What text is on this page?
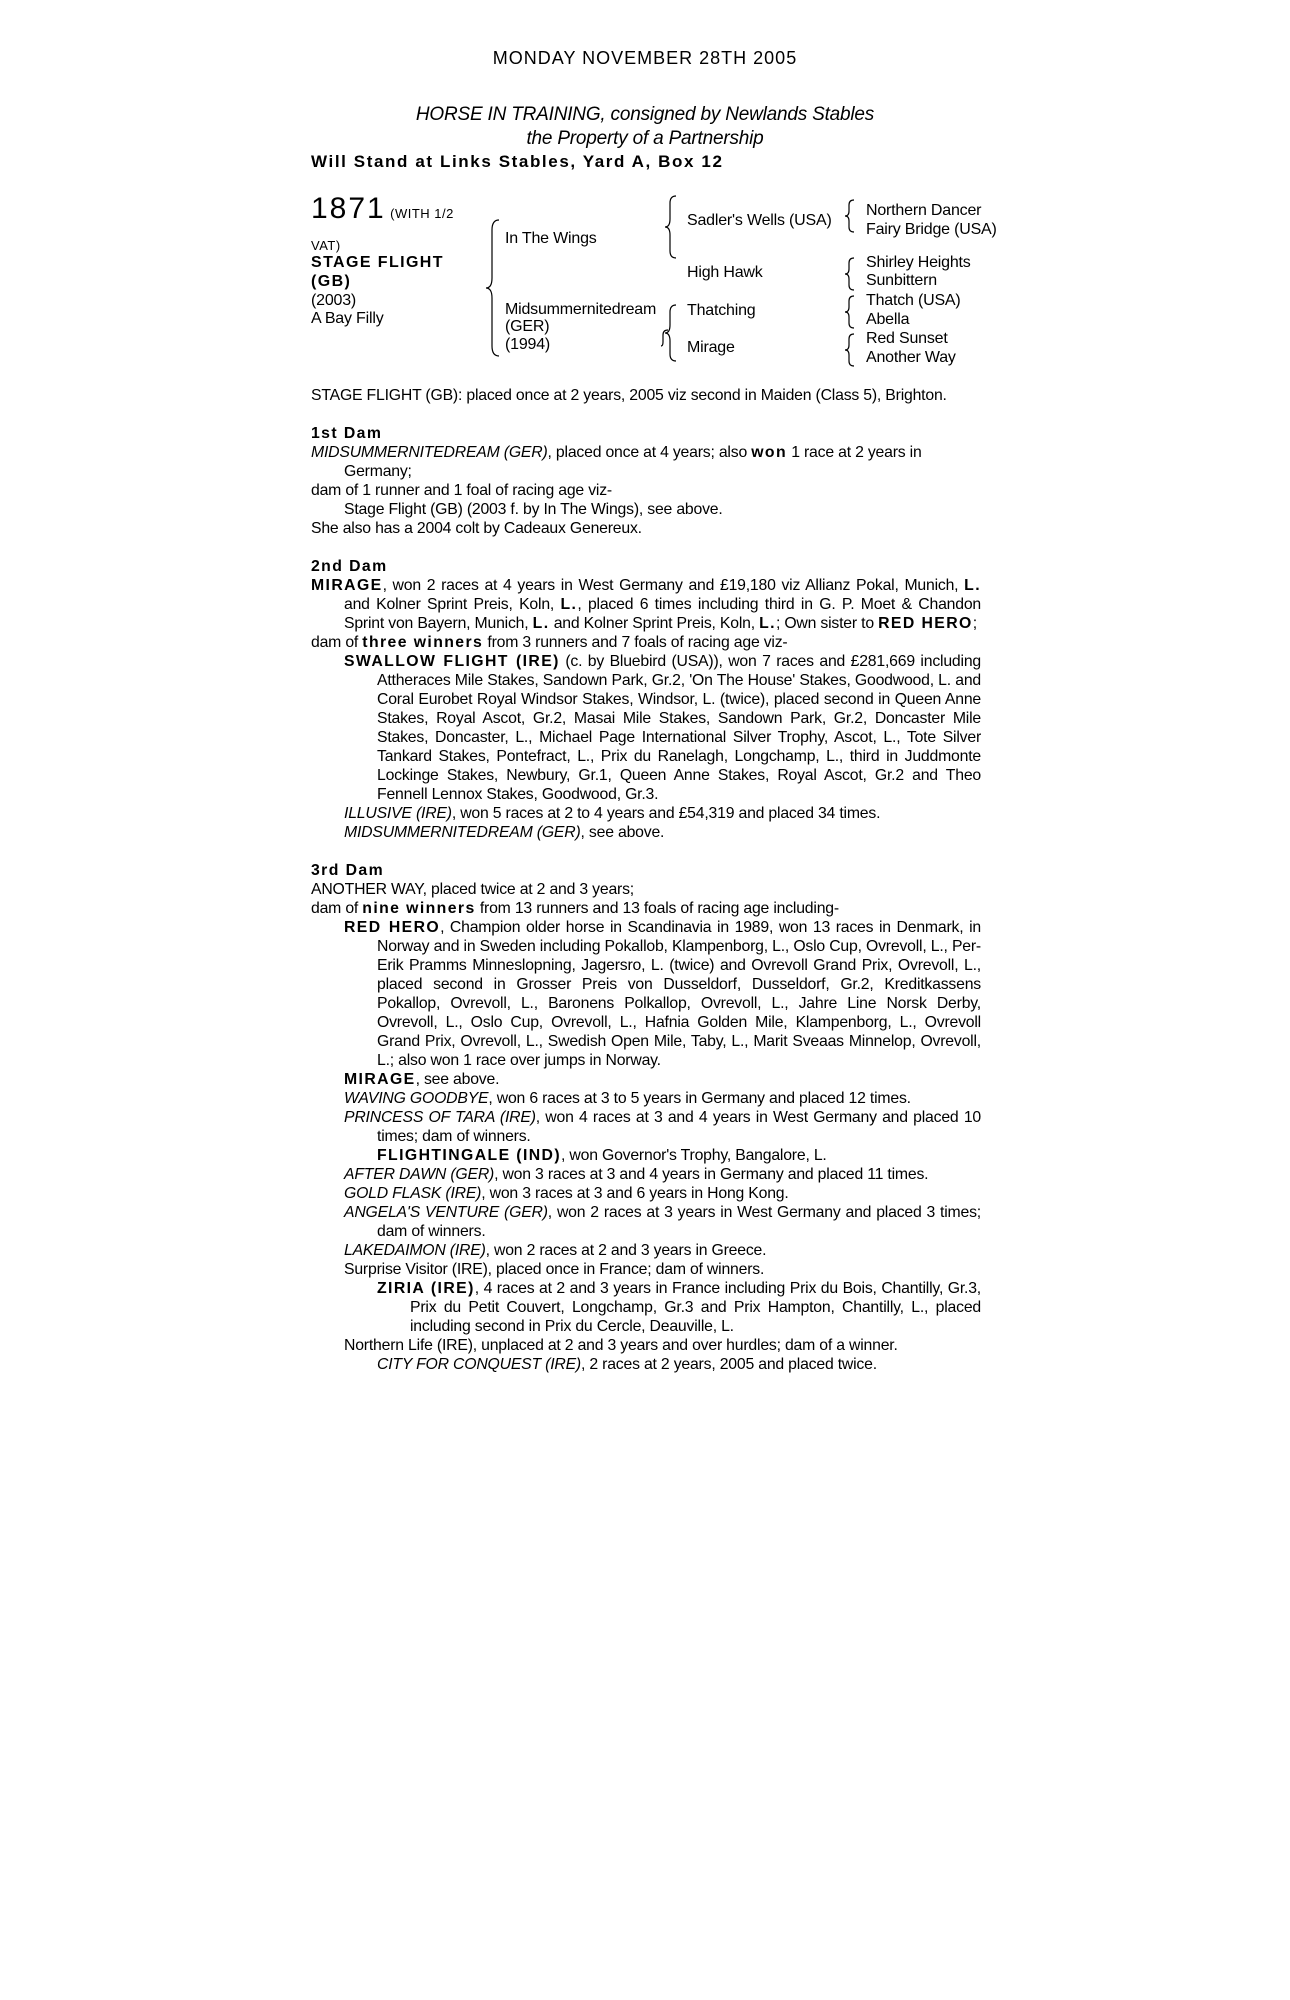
MONDAY NOVEMBER 28TH 2005
HORSE IN TRAINING, consigned by Newlands Stables
the Property of a Partnership
Will Stand at Links Stables, Yard A, Box 12
1871 (WITH 1/2
VAT)
STAGE FLIGHT
(GB)
(2003)
A Bay Filly
In The Wings
Midsummernitedream
(GER)
(1994)
Sadler's Wells (USA)
High Hawk
Thatching
Mirage
Northern Dancer
Fairy Bridge (USA)
Shirley Heights
Sunbittern
Thatch (USA)
Abella
Red Sunset
Another Way

STAGE FLIGHT (GB): placed once at 2 years, 2005 viz second in Maiden (Class 5), Brighton.

1st Dam

MIDSUMMERNITEDREAM (GER), placed once at 4 years; also won 1 race at 2 years in Germany;

dam of 1 runner and 1 foal of racing age viz-

Stage Flight (GB) (2003 f. by In The Wings), see above.

She also has a 2004 colt by Cadeaux Genereux.

2nd Dam

MIRAGE, won 2 races at 4 years in West Germany and £19,180 viz Allianz Pokal, Munich, L. and Kolner Sprint Preis, Koln, L., placed 6 times including third in G. P. Moet & Chandon Sprint von Bayern, Munich, L. and Kolner Sprint Preis, Koln, L.; Own sister to RED HERO;

dam of three winners from 3 runners and 7 foals of racing age viz-

SWALLOW FLIGHT (IRE) (c. by Bluebird (USA)), won 7 races and £281,669 including Attheraces Mile Stakes, Sandown Park, Gr.2, 'On The House' Stakes, Goodwood, L. and Coral Eurobet Royal Windsor Stakes, Windsor, L. (twice), placed second in Queen Anne Stakes, Royal Ascot, Gr.2, Masai Mile Stakes, Sandown Park, Gr.2, Doncaster Mile Stakes, Doncaster, L., Michael Page International Silver Trophy, Ascot, L., Tote Silver Tankard Stakes, Pontefract, L., Prix du Ranelagh, Longchamp, L., third in Juddmonte Lockinge Stakes, Newbury, Gr.1, Queen Anne Stakes, Royal Ascot, Gr.2 and Theo Fennell Lennox Stakes, Goodwood, Gr.3.

ILLUSIVE (IRE), won 5 races at 2 to 4 years and £54,319 and placed 34 times.

MIDSUMMERNITEDREAM (GER), see above.

3rd Dam

ANOTHER WAY, placed twice at 2 and 3 years;

dam of nine winners from 13 runners and 13 foals of racing age including-

RED HERO, Champion older horse in Scandinavia in 1989, won 13 races in Denmark, in Norway and in Sweden including Pokallob, Klampenborg, L., Oslo Cup, Ovrevoll, L., Per-Erik Pramms Minneslopning, Jagersro, L. (twice) and Ovrevoll Grand Prix, Ovrevoll, L., placed second in Grosser Preis von Dusseldorf, Dusseldorf, Gr.2, Kreditkassens Pokallop, Ovrevoll, L., Baronens Polkallop, Ovrevoll, L., Jahre Line Norsk Derby, Ovrevoll, L., Oslo Cup, Ovrevoll, L., Hafnia Golden Mile, Klampenborg, L., Ovrevoll Grand Prix, Ovrevoll, L., Swedish Open Mile, Taby, L., Marit Sveaas Minnelop, Ovrevoll, L.; also won 1 race over jumps in Norway.

MIRAGE, see above.

WAVING GOODBYE, won 6 races at 3 to 5 years in Germany and placed 12 times.

PRINCESS OF TARA (IRE), won 4 races at 3 and 4 years in West Germany and placed 10 times; dam of winners.

FLIGHTINGALE (IND), won Governor's Trophy, Bangalore, L.

AFTER DAWN (GER), won 3 races at 3 and 4 years in Germany and placed 11 times.

GOLD FLASK (IRE), won 3 races at 3 and 6 years in Hong Kong.

ANGELA'S VENTURE (GER), won 2 races at 3 years in West Germany and placed 3 times; dam of winners.

LAKEDAIMON (IRE), won 2 races at 2 and 3 years in Greece.

Surprise Visitor (IRE), placed once in France; dam of winners.

ZIRIA (IRE), 4 races at 2 and 3 years in France including Prix du Bois, Chantilly, Gr.3, Prix du Petit Couvert, Longchamp, Gr.3 and Prix Hampton, Chantilly, L., placed including second in Prix du Cercle, Deauville, L.

Northern Life (IRE), unplaced at 2 and 3 years and over hurdles; dam of a winner.

CITY FOR CONQUEST (IRE), 2 races at 2 years, 2005 and placed twice.
